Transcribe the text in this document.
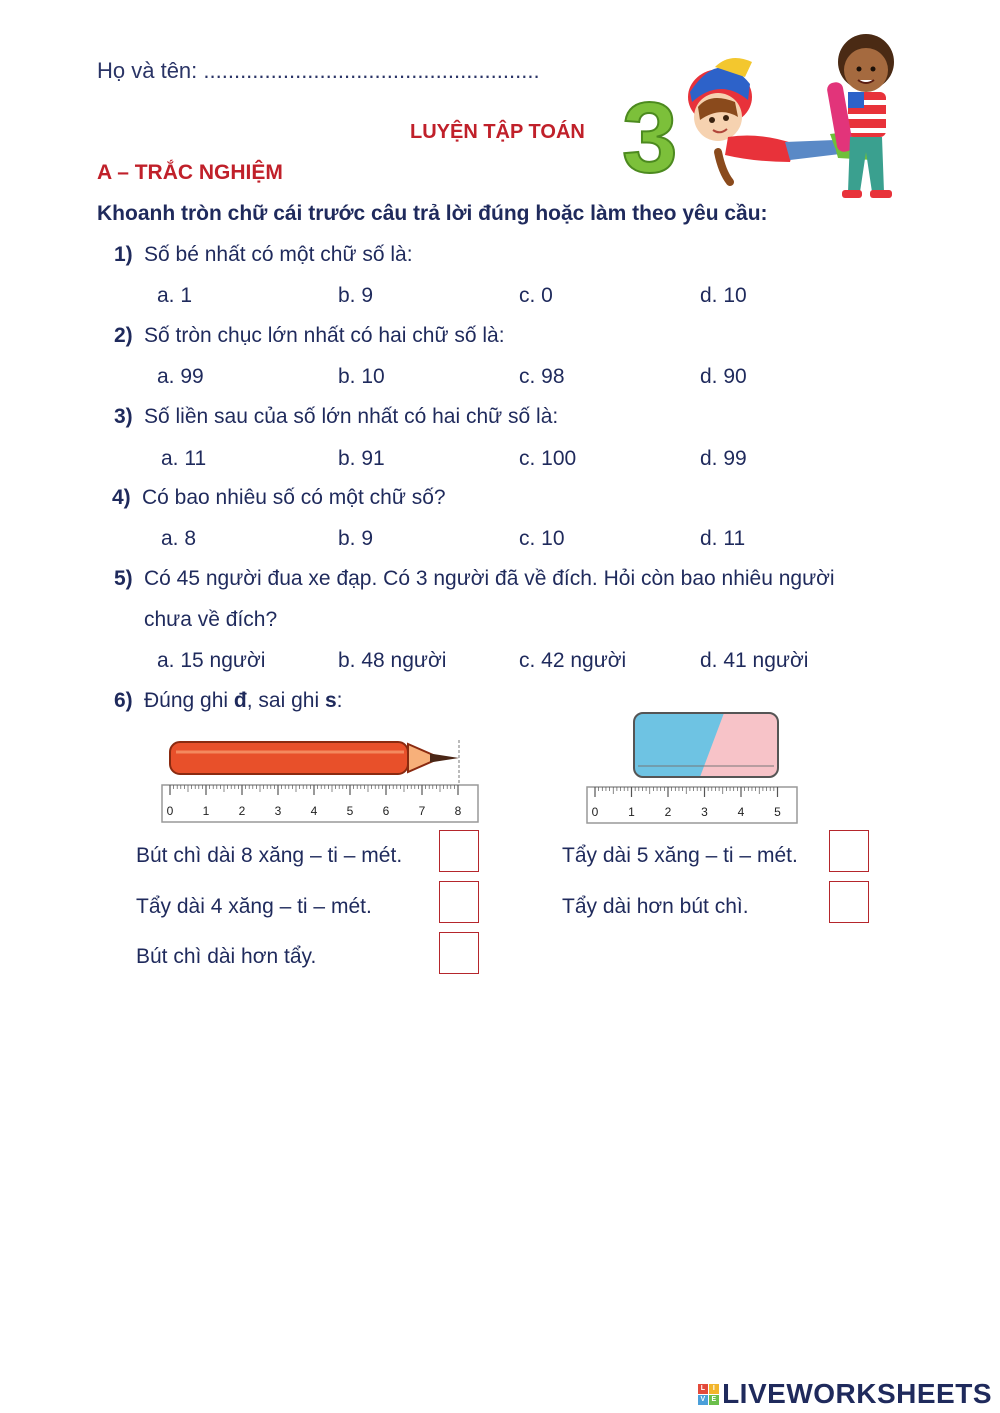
Họ và tên: .......................................................
LUYỆN TẬP TOÁN 3
A – TRẮC NGHIỆM
Khoanh tròn chữ cái trước câu trả lời đúng hoặc làm theo yêu cầu:
1) Số bé nhất có một chữ số là:
a. 1	b. 9	c. 0	d. 10
2) Số tròn chục lớn nhất có hai chữ số là:
a. 99	b. 10	c. 98	d. 90
3) Số liền sau của số lớn nhất có hai chữ số là:
a. 11	b. 91	c. 100	d. 99
4) Có bao nhiêu số có một chữ số?
a. 8	b. 9	c. 10	d. 11
5) Có 45 người đua xe đạp. Có 3 người đã về đích. Hỏi còn bao nhiêu người
chưa về đích?
a. 15 người	b. 48 người	c. 42 người	d. 41 người
6) Đúng ghi đ, sai ghi s:
0 1 2 3 4 5 6 7 8	0 1 2 3 4 5
Bút chì dài 8 xăng – ti – mét.	Tẩy dài 5 xăng – ti – mét.
Tẩy dài 4 xăng – ti – mét.	Tẩy dài hơn bút chì.
Bút chì dài hơn tẩy.
L	I
V E LIVEWORKSHEETS
